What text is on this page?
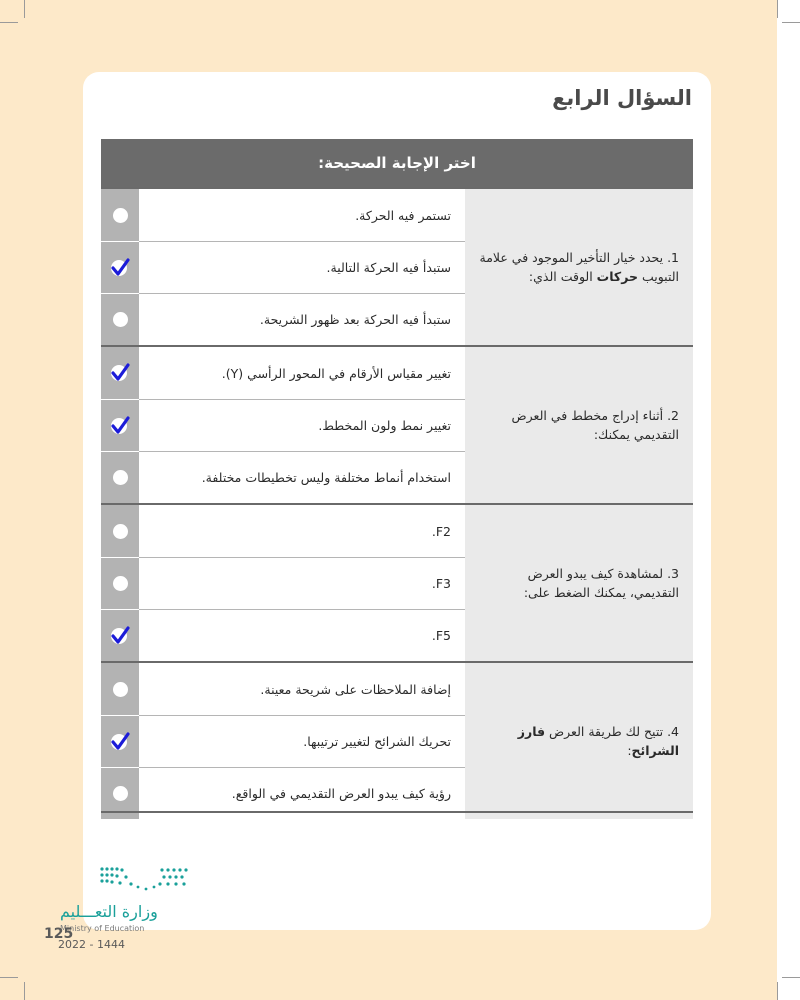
السؤال الرابع
اختر الإجابة الصحيحة:
1. يحدد خيار التأخير الموجود في علامة التبويب حركات الوقت الذي:
تستمر فيه الحركة.
ستبدأ فيه الحركة التالية.
ستبدأ فيه الحركة بعد ظهور الشريحة.
2. أثناء إدراج مخطط في العرض التقديمي يمكنك:
تغيير مقياس الأرقام في المحور الرأسي (Y).
تغيير نمط ولون المخطط.
استخدام أنماط مختلفة وليس تخطيطات مختلفة.
3. لمشاهدة كيف يبدو العرض التقديمي، يمكنك الضغط على:
F2.
F3.
F5.
4. تتيح لك طريقة العرض فارز الشرائح:
إضافة الملاحظات على شريحة معينة.
تحريك الشرائح لتغيير ترتيبها.
رؤية كيف يبدو العرض التقديمي في الواقع.
وزارة التعـــليم
Ministry of Education
125
2022 - 1444
